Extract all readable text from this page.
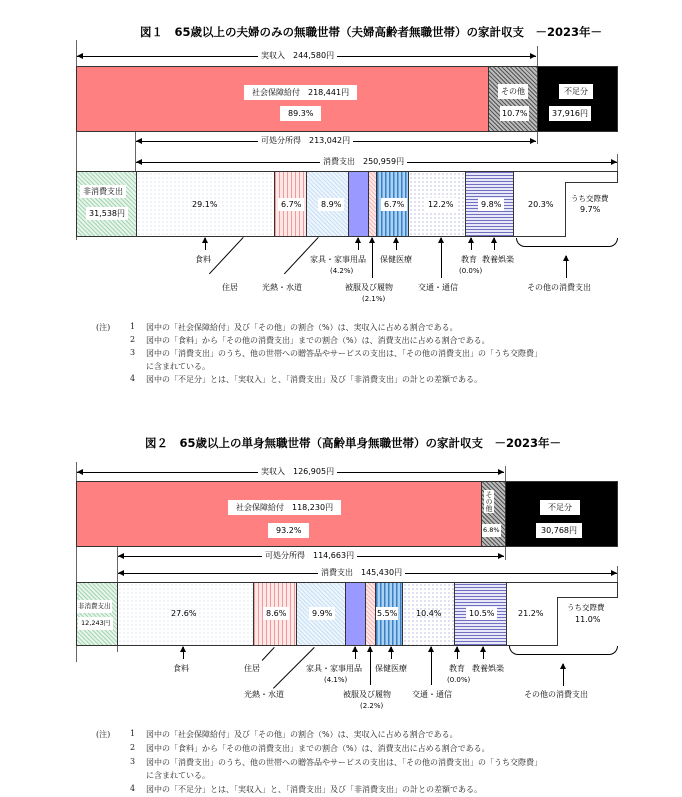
図１　65歳以上の夫婦のみの無職世帯（夫婦高齢者無職世帯）の家計収支　－2023年－
実収入　244,580円
社会保障給付　218,441円
89.3%
その他
10.7%
不足分
37,916円
可処分所得　213,042円
消費支出　250,959円
非消費支出
31,538円
29.1%	6.7%	8.9%	6.7%	12.2%	9.8%	20.3%
うち交際費
9.7%
食料
住居	光熱・水道
家具・家事用品
(4.2%)
被服及び履物
(2.1%)
保健医療
交通・通信
教育
(0.0%)
教養娯楽
その他の消費支出
(注) 1 図中の「社会保障給付」及び「その他」の割合（%）は、実収入に占める割合である。
2 図中の「食料」から「その他の消費支出」までの割合（%）は、消費支出に占める割合である。
3 図中の「消費支出」のうち、他の世帯への贈答品やサービスの支出は、「その他の消費支出」の「うち交際費」
に含まれている。
4 図中の「不足分」とは、「実収入」と、「消費支出」及び「非消費支出」の計との差額である。
図２　65歳以上の単身無職世帯（高齢単身無職世帯）の家計収支　－2023年－
実収入　126,905円
社会保障給付　118,230円
93.2%
その他
6.8%
不足分
30,768円
可処分所得　114,663円
消費支出　145,430円
非消費支出
12,243円
27.6%	8.6%	9.9%	5.5% 10.4%	10.5%	21.2%
うち交際費
11.0%
食料	住居
光熱・水道
家具・家事用品
(4.1%)
被服及び履物
(2.2%)
保健医療
交通・通信
教育
(0.0%)
教養娯楽
その他の消費支出
(注) 1 図中の「社会保障給付」及び「その他」の割合（%）は、実収入に占める割合である。
2 図中の「食料」から「その他の消費支出」までの割合（%）は、消費支出に占める割合である。
3 図中の「消費支出」のうち、他の世帯への贈答品やサービスの支出は、「その他の消費支出」の「うち交際費」
に含まれている。
4 図中の「不足分」とは、「実収入」と、「消費支出」及び「非消費支出」の計との差額である。
